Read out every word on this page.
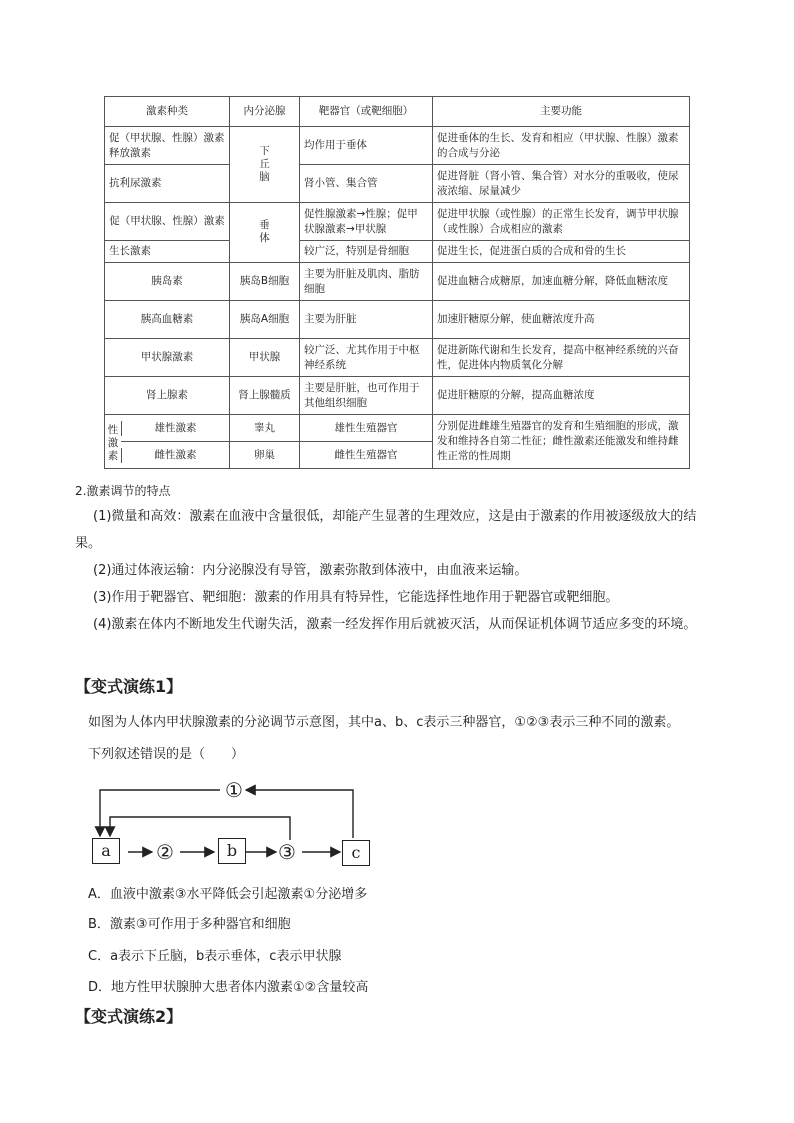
激素种类	内分泌腺	靶器官（或靶细胞）	主要功能
促（甲状腺、性腺）激素释放激素	下丘脑	均作用于垂体	促进垂体的生长、发育和相应（甲状腺、性腺）激素的合成与分泌
抗利尿激素		肾小管、集合管	促进肾脏（肾小管、集合管）对水分的重吸收，使尿液浓缩、尿量减少
促（甲状腺、性腺）激素	垂体	促性腺激素→性腺；促甲状腺激素→甲状腺	促进甲状腺（或性腺）的正常生长发育，调节甲状腺（或性腺）合成相应的激素
生长激素		较广泛，特别是骨细胞	促进生长，促进蛋白质的合成和骨的生长
胰岛素	胰岛B细胞	主要为肝脏及肌肉、脂肪细胞	促进血糖合成糖原，加速血糖分解，降低血糖浓度
胰高血糖素	胰岛A细胞	主要为肝脏	加速肝糖原分解，使血糖浓度升高
甲状腺激素	甲状腺	较广泛、尤其作用于中枢神经系统	促进新陈代谢和生长发育，提高中枢神经系统的兴奋性，促进体内物质氧化分解
肾上腺素	肾上腺髓质	主要是肝脏，也可作用于其他组织细胞	促进肝糖原的分解，提高血糖浓度

雄性激素	睾丸	雄性生殖器官	分别促进雌雄生殖器官的发育和生殖细胞的形成，激发和维持各自第二性征；雌性激素还能激发和维持雌性正常的性周期

雌性激素	卵巢	雌性生殖器官	
性激素
2.激素调节的特点
(1)微量和高效：激素在血液中含量很低，却能产生显著的生理效应，这是由于激素的作用被逐级放大的结果。
(2)通过体液运输：内分泌腺没有导管，激素弥散到体液中，由血液来运输。
(3)作用于靶器官、靶细胞：激素的作用具有特异性，它能选择性地作用于靶器官或靶细胞。
(4)激素在体内不断地发生代谢失活，激素一经发挥作用后就被灭活，从而保证机体调节适应多变的环境。
【变式演练1】
如图为人体内甲状腺激素的分泌调节示意图，其中a、b、c表示三种器官，①②③表示三种不同的激素。
下列叙述错误的是（　　）
a	②	b	③	c
①
A．血液中激素③水平降低会引起激素①分泌增多
B．激素③可作用于多种器官和细胞
C．a表示下丘脑，b表示垂体，c表示甲状腺
D．地方性甲状腺肿大患者体内激素①②含量较高
【变式演练2】
